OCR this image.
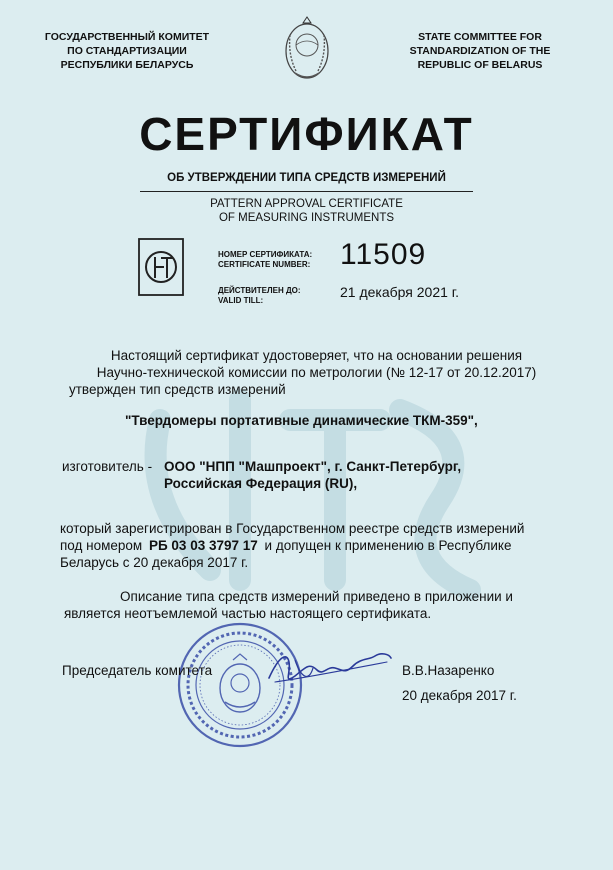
ГОСУДАРСТВЕННЫЙ КОМИТЕТ
ПО СТАНДАРТИЗАЦИИ
РЕСПУБЛИКИ БЕЛАРУСЬ
STATE COMMITTEE FOR
STANDARDIZATION OF THE
REPUBLIC OF BELARUS
СЕРТИФИКАТ
ОБ УТВЕРЖДЕНИИ ТИПА СРЕДСТВ ИЗМЕРЕНИЙ
PATTERN APPROVAL CERTIFICATE
OF MEASURING INSTRUMENTS
НОМЕР СЕРТИФИКАТА:
CERTIFICATE NUMBER: 11509
ДЕЙСТВИТЕЛЕН ДО:
VALID TILL:
21 декабря 2021 г.
Настоящий сертификат удостоверяет, что на основании решения
Научно-технической комиссии по метрологии (№ 12-17 от 20.12.2017)
утвержден тип средств измерений
"Твердомеры портативные динамические ТКМ-359",
изготовитель - ООО "НПП "Машпроект", г. Санкт-Петербург,
Российская Федерация (RU),
который зарегистрирован в Государственном реестре средств измерений
под номером РБ 03 03 3797 17 и допущен к применению в Республике
Беларусь с 20 декабря 2017 г.
Описание типа средств измерений приведено в приложении и
является неотъемлемой частью настоящего сертификата.
Председатель комитета	В.В.Назаренко
20 декабря 2017 г.
